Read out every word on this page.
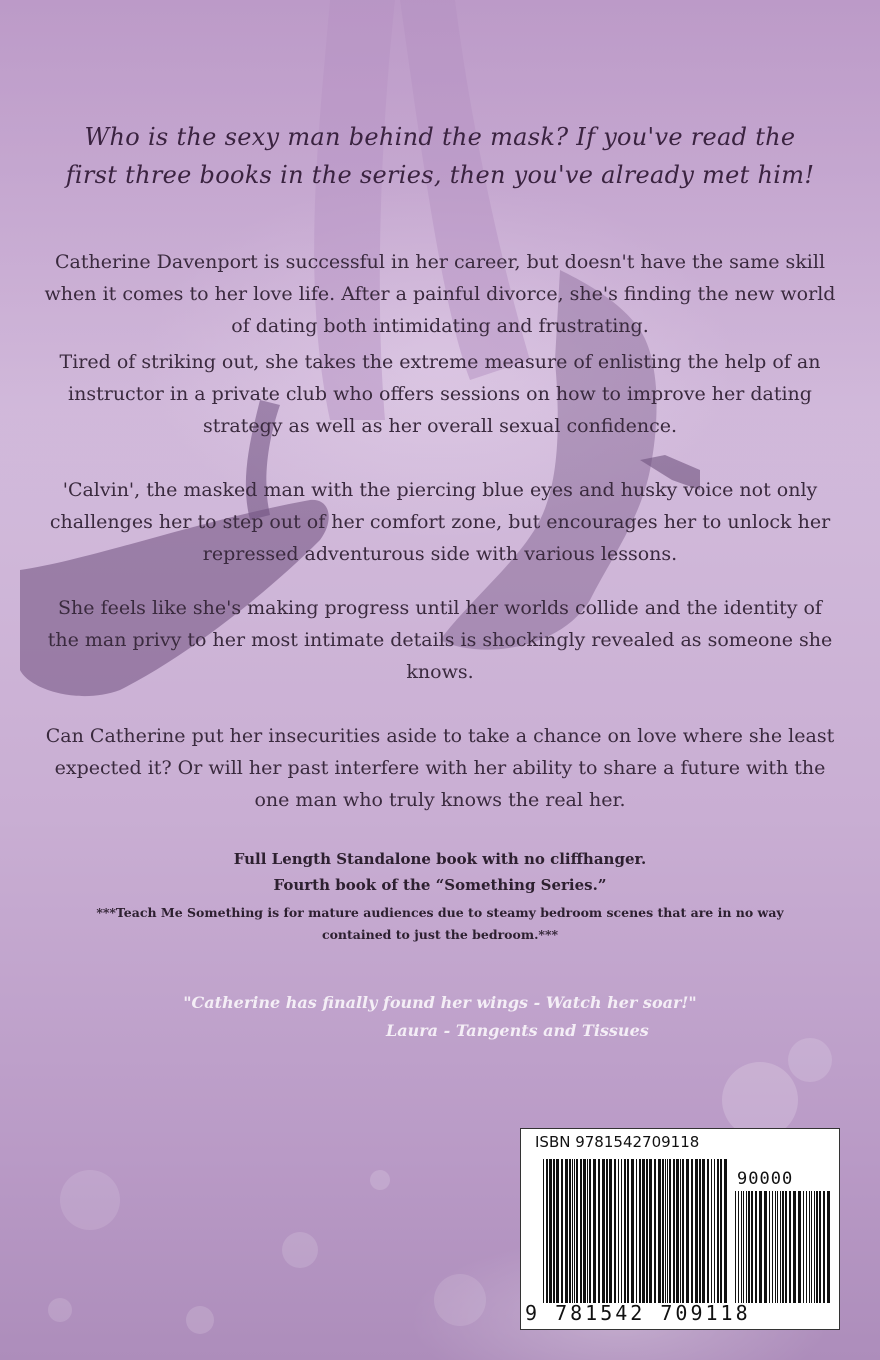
Who is the sexy man behind the mask? If you've read the first three books in the series, then you've already met him!

Catherine Davenport is successful in her career, but doesn't have the same skill when it comes to her love life. After a painful divorce, she's finding the new world of dating both intimidating and frustrating.

Tired of striking out, she takes the extreme measure of enlisting the help of an instructor in a private club who offers sessions on how to improve her dating strategy as well as her overall sexual confidence.

'Calvin', the masked man with the piercing blue eyes and husky voice not only challenges her to step out of her comfort zone, but encourages her to unlock her repressed adventurous side with various lessons.

She feels like she's making progress until her worlds collide and the identity of the man privy to her most intimate details is shockingly revealed as someone she knows.

Can Catherine put her insecurities aside to take a chance on love where she least expected it? Or will her past interfere with her ability to share a future with the one man who truly knows the real her.

Full Length Standalone book with no cliffhanger.

Fourth book of the “Something Series.”

***Teach Me Something is for mature audiences due to steamy bedroom scenes that are in no way contained to just the bedroom.***

"Catherine has finally found her wings - Watch her soar!"

Laura - Tangents and Tissues

ISBN 9781542709118
90000
9 781542 709118
